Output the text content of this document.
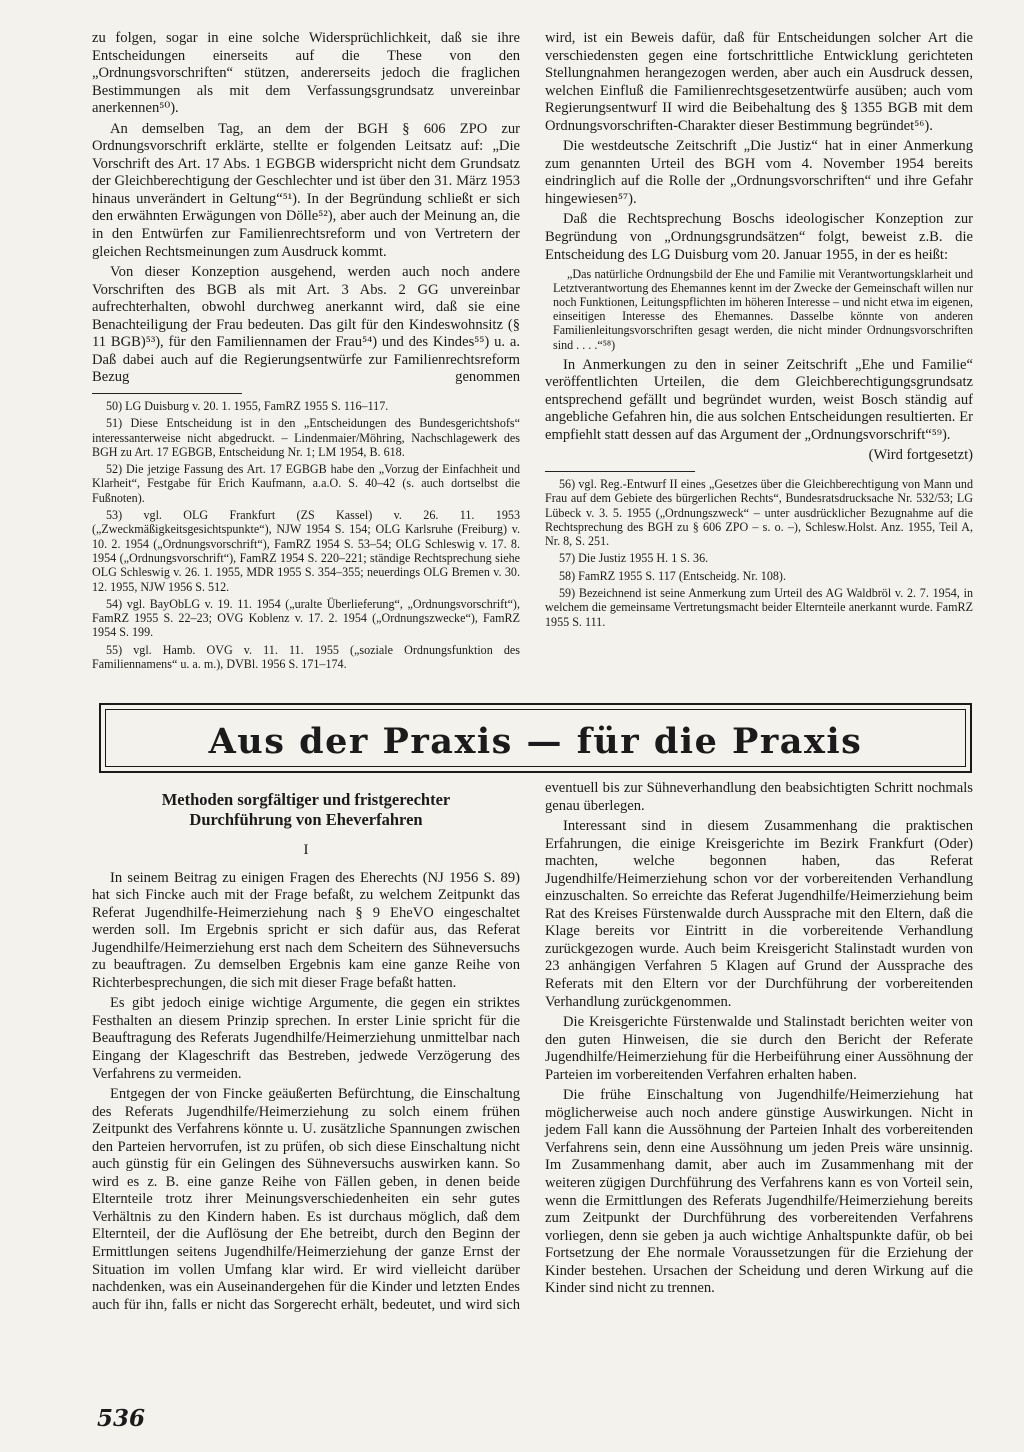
zu folgen, sogar in eine solche Widersprüchlichkeit, daß sie ihre Entscheidungen einerseits auf die These von den „Ordnungsvorschriften“ stützen, andererseits jedoch die fraglichen Bestimmungen als mit dem Verfassungsgrundsatz unvereinbar anerkennen⁵⁰).

An demselben Tag, an dem der BGH § 606 ZPO zur Ordnungsvorschrift erklärte, stellte er folgenden Leitsatz auf: „Die Vorschrift des Art. 17 Abs. 1 EGBGB widerspricht nicht dem Grundsatz der Gleichberechtigung der Geschlechter und ist über den 31. März 1953 hinaus unverändert in Geltung“⁵¹). In der Begründung schließt er sich den erwähnten Erwägungen von Dölle⁵²), aber auch der Meinung an, die in den Entwürfen zur Familienrechtsreform und von Vertretern der gleichen Rechtsmeinungen zum Ausdruck kommt.

Von dieser Konzeption ausgehend, werden auch noch andere Vorschriften des BGB als mit Art. 3 Abs. 2 GG unvereinbar aufrechterhalten, obwohl durchweg anerkannt wird, daß sie eine Benachteiligung der Frau bedeuten. Das gilt für den Kindeswohnsitz (§ 11 BGB)⁵³), für den Familiennamen der Frau⁵⁴) und des Kindes⁵⁵) u. a. Daß dabei auch auf die Regierungsentwürfe zur Familienrechtsreform Bezug genommen

50) LG Duisburg v. 20. 1. 1955, FamRZ 1955 S. 116–117.

51) Diese Entscheidung ist in den „Entscheidungen des Bundesgerichtshofs“ interessanterweise nicht abgedruckt. – Lindenmaier/Möhring, Nachschlagewerk des BGH zu Art. 17 EGBGB, Entscheidung Nr. 1; LM 1954, B. 618.

52) Die jetzige Fassung des Art. 17 EGBGB habe den „Vorzug der Einfachheit und Klarheit“, Festgabe für Erich Kaufmann, a.a.O. S. 40–42 (s. auch dortselbst die Fußnoten).

53) vgl. OLG Frankfurt (ZS Kassel) v. 26. 11. 1953 („Zweckmäßigkeitsgesichtspunkte“), NJW 1954 S. 154; OLG Karlsruhe (Freiburg) v. 10. 2. 1954 („Ordnungsvorschrift“), FamRZ 1954 S. 53–54; OLG Schleswig v. 17. 8. 1954 („Ordnungsvorschrift“), FamRZ 1954 S. 220–221; ständige Rechtsprechung siehe OLG Schleswig v. 26. 1. 1955, MDR 1955 S. 354–355; neuerdings OLG Bremen v. 30. 12. 1955, NJW 1956 S. 512.

54) vgl. BayObLG v. 19. 11. 1954 („uralte Überlieferung“, „Ordnungsvorschrift“), FamRZ 1955 S. 22–23; OVG Koblenz v. 17. 2. 1954 („Ordnungszwecke“), FamRZ 1954 S. 199.

55) vgl. Hamb. OVG v. 11. 11. 1955 („soziale Ordnungsfunktion des Familiennamens“ u. a. m.), DVBl. 1956 S. 171–174.

wird, ist ein Beweis dafür, daß für Entscheidungen solcher Art die verschiedensten gegen eine fortschrittliche Entwicklung gerichteten Stellungnahmen herangezogen werden, aber auch ein Ausdruck dessen, welchen Einfluß die Familienrechtsgesetzentwürfe ausüben; auch vom Regierungsentwurf II wird die Beibehaltung des § 1355 BGB mit dem Ordnungsvorschriften-Charakter dieser Bestimmung begründet⁵⁶).

Die westdeutsche Zeitschrift „Die Justiz“ hat in einer Anmerkung zum genannten Urteil des BGH vom 4. November 1954 bereits eindringlich auf die Rolle der „Ordnungsvorschriften“ und ihre Gefahr hingewiesen⁵⁷).

Daß die Rechtsprechung Boschs ideologischer Konzeption zur Begründung von „Ordnungsgrundsätzen“ folgt, beweist z.B. die Entscheidung des LG Duisburg vom 20. Januar 1955, in der es heißt:

„Das natürliche Ordnungsbild der Ehe und Familie mit Verantwortungsklarheit und Letztverantwortung des Ehemannes kennt im der Zwecke der Gemeinschaft willen nur noch Funktionen, Leitungspflichten im höheren Interesse – und nicht etwa im eigenen, einseitigen Interesse des Ehemannes. Dasselbe könnte von anderen Familienleitungsvorschriften gesagt werden, die nicht minder Ordnungsvorschriften sind . . . .“⁵⁸)

In Anmerkungen zu den in seiner Zeitschrift „Ehe und Familie“ veröffentlichten Urteilen, die dem Gleichberechtigungsgrundsatz entsprechend gefällt und begründet wurden, weist Bosch ständig auf angebliche Gefahren hin, die aus solchen Entscheidungen resultierten. Er empfiehlt statt dessen auf das Argument der „Ordnungsvorschrift“⁵⁹).

(Wird fortgesetzt)

56) vgl. Reg.-Entwurf II eines „Gesetzes über die Gleichberechtigung von Mann und Frau auf dem Gebiete des bürgerlichen Rechts“, Bundesratsdrucksache Nr. 532/53; LG Lübeck v. 3. 5. 1955 („Ordnungszweck“ – unter ausdrücklicher Bezugnahme auf die Rechtsprechung des BGH zu § 606 ZPO – s. o. –), Schlesw.Holst. Anz. 1955, Teil A, Nr. 8, S. 251.

57) Die Justiz 1955 H. 1 S. 36.

58) FamRZ 1955 S. 117 (Entscheidg. Nr. 108).

59) Bezeichnend ist seine Anmerkung zum Urteil des AG Waldbröl v. 2. 7. 1954, in welchem die gemeinsame Vertretungsmacht beider Elternteile anerkannt wurde. FamRZ 1955 S. 111.

Aus der Praxis — für die Praxis
Methoden sorgfältiger und fristgerechter
Durchführung von Eheverfahren
I

In seinem Beitrag zu einigen Fragen des Eherechts (NJ 1956 S. 89) hat sich Fincke auch mit der Frage befaßt, zu welchem Zeitpunkt das Referat Jugendhilfe-Heimerziehung nach § 9 EheVO eingeschaltet werden soll. Im Ergebnis spricht er sich dafür aus, das Referat Jugendhilfe/Heimerziehung erst nach dem Scheitern des Sühneversuchs zu beauftragen. Zu demselben Ergebnis kam eine ganze Reihe von Richterbesprechungen, die sich mit dieser Frage befaßt hatten.

Es gibt jedoch einige wichtige Argumente, die gegen ein striktes Festhalten an diesem Prinzip sprechen. In erster Linie spricht für die Beauftragung des Referats Jugendhilfe/Heimerziehung unmittelbar nach Eingang der Klageschrift das Bestreben, jedwede Verzögerung des Verfahrens zu vermeiden.

Entgegen der von Fincke geäußerten Befürchtung, die Einschaltung des Referats Jugendhilfe/Heimerziehung zu solch einem frühen Zeitpunkt des Verfahrens könnte u. U. zusätzliche Spannungen zwischen den Parteien hervorrufen, ist zu prüfen, ob sich diese Einschaltung nicht auch günstig für ein Gelingen des Sühneversuchs auswirken kann. So wird es z. B. eine ganze Reihe von Fällen geben, in denen beide Elternteile trotz ihrer Meinungsverschiedenheiten ein sehr gutes Verhältnis zu den Kindern haben. Es ist durchaus möglich, daß dem Elternteil, der die Auflösung der Ehe betreibt, durch den Beginn der Ermittlungen seitens Jugendhilfe/Heimerziehung der ganze Ernst der Situation im vollen Umfang klar wird. Er wird vielleicht darüber nachdenken, was ein Auseinandergehen für die Kinder und letzten Endes auch für ihn, falls er nicht das Sorgerecht erhält, bedeutet, und wird sich

eventuell bis zur Sühneverhandlung den beabsichtigten Schritt nochmals genau überlegen.

Interessant sind in diesem Zusammenhang die praktischen Erfahrungen, die einige Kreisgerichte im Bezirk Frankfurt (Oder) machten, welche begonnen haben, das Referat Jugendhilfe/Heimerziehung schon vor der vorbereitenden Verhandlung einzuschalten. So erreichte das Referat Jugendhilfe/Heimerziehung beim Rat des Kreises Fürstenwalde durch Aussprache mit den Eltern, daß die Klage bereits vor Eintritt in die vorbereitende Verhandlung zurückgezogen wurde. Auch beim Kreisgericht Stalinstadt wurden von 23 anhängigen Verfahren 5 Klagen auf Grund der Aussprache des Referats mit den Eltern vor der Durchführung der vorbereitenden Verhandlung zurückgenommen.

Die Kreisgerichte Fürstenwalde und Stalinstadt berichten weiter von den guten Hinweisen, die sie durch den Bericht der Referate Jugendhilfe/Heimerziehung für die Herbeiführung einer Aussöhnung der Parteien im vorbereitenden Verfahren erhalten haben.

Die frühe Einschaltung von Jugendhilfe/Heimerziehung hat möglicherweise auch noch andere günstige Auswirkungen. Nicht in jedem Fall kann die Aussöhnung der Parteien Inhalt des vorbereitenden Verfahrens sein, denn eine Aussöhnung um jeden Preis wäre unsinnig. Im Zusammenhang damit, aber auch im Zusammenhang mit der weiteren zügigen Durchführung des Verfahrens kann es von Vorteil sein, wenn die Ermittlungen des Referats Jugendhilfe/Heimerziehung bereits zum Zeitpunkt der Durchführung des vorbereitenden Verfahrens vorliegen, denn sie geben ja auch wichtige Anhaltspunkte dafür, ob bei Fortsetzung der Ehe normale Voraussetzungen für die Erziehung der Kinder bestehen. Ursachen der Scheidung und deren Wirkung auf die Kinder sind nicht zu trennen.

536
